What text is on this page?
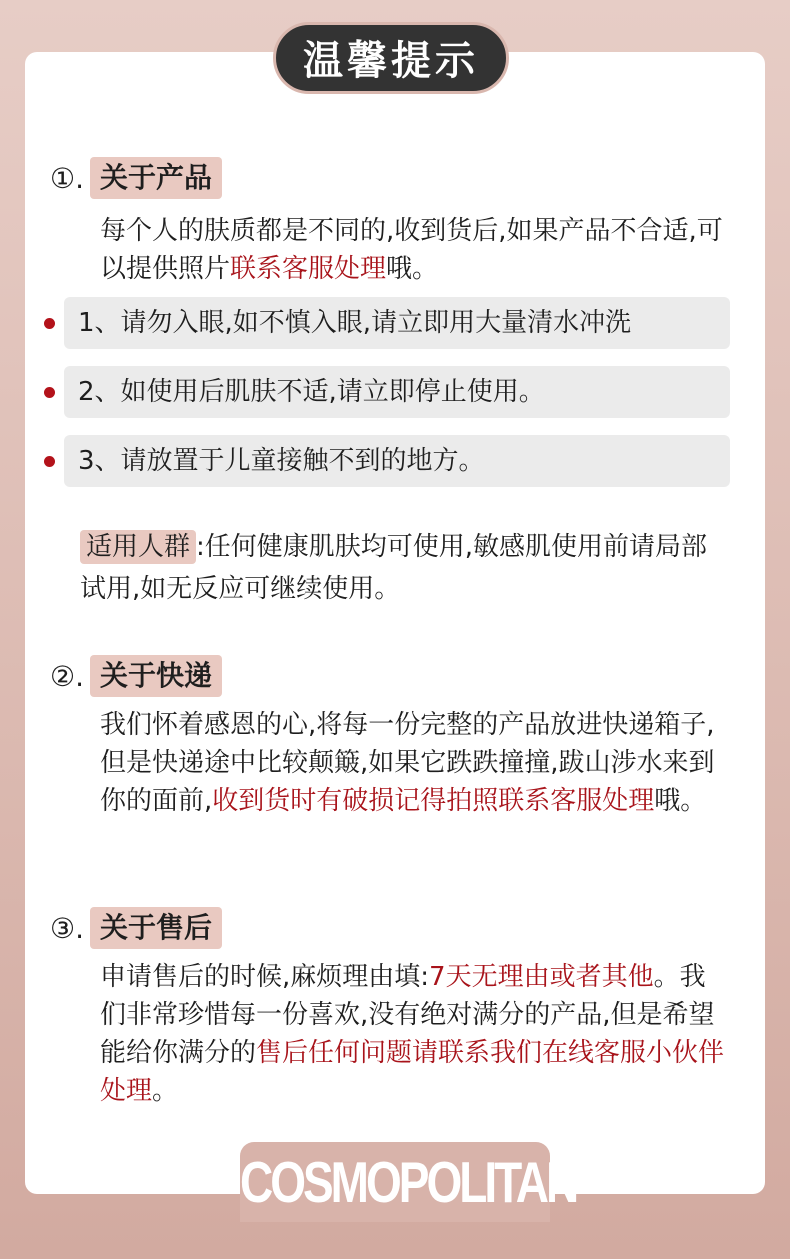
温馨提示
①. 关于产品
每个人的肤质都是不同的,收到货后,如果产品不合适,可以提供照片联系客服处理哦。
1、请勿入眼,如不慎入眼,请立即用大量清水冲洗
2、如使用后肌肤不适,请立即停止使用。
3、请放置于儿童接触不到的地方。
适用人群 :任何健康肌肤均可使用,敏感肌使用前请局部试用,如无反应可继续使用。
②. 关于快递
我们怀着感恩的心,将每一份完整的产品放进快递箱子,但是快递途中比较颠簸,如果它跌跌撞撞,跋山涉水来到你的面前,收到货时有破损记得拍照联系客服处理哦。
③. 关于售后
申请售后的时候,麻烦理由填:7天无理由或者其他。我们非常珍惜每一份喜欢,没有绝对满分的产品,但是希望能给你满分的售后任何问题请联系我们在线客服小伙伴处理。
COSMOPOLITAN
